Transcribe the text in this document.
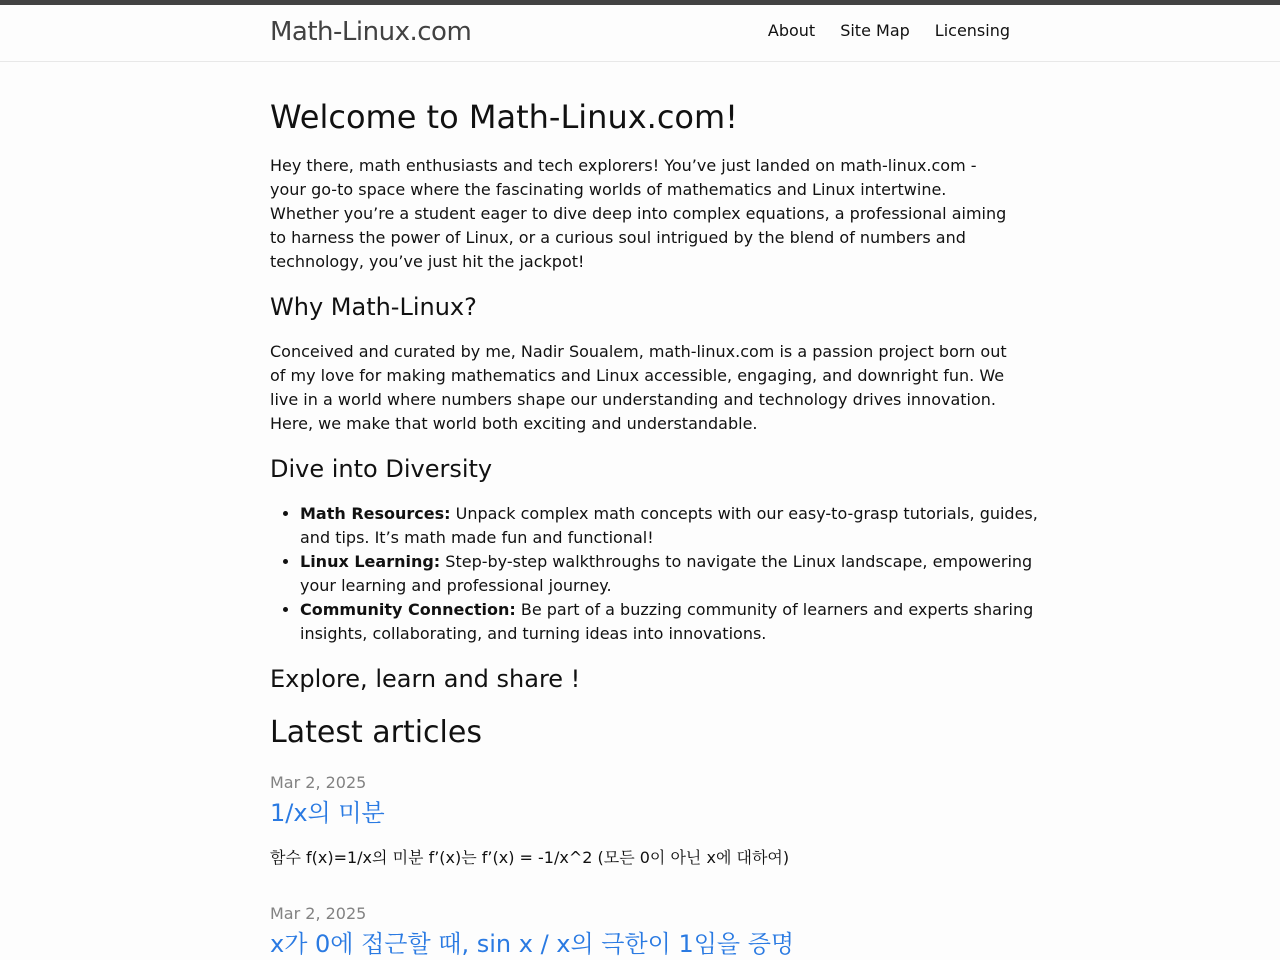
Math-Linux.com	About Site Map Licensing
Welcome to Math-Linux.com!

Hey there, math enthusiasts and tech explorers! You’ve just landed on math-linux.com - your go-to space where the fascinating worlds of mathematics and Linux intertwine. Whether you’re a student eager to dive deep into complex equations, a professional aiming to harness the power of Linux, or a curious soul intrigued by the blend of numbers and technology, you’ve just hit the jackpot!

Why Math-Linux?

Conceived and curated by me, Nadir Soualem, math-linux.com is a passion project born out of my love for making mathematics and Linux accessible, engaging, and downright fun. We live in a world where numbers shape our understanding and technology drives innovation. Here, we make that world both exciting and understandable.

Dive into Diversity
• Math Resources: Unpack complex math concepts with our easy-to-grasp tutorials, guides, and tips. It’s math made fun and functional!
• Linux Learning: Step-by-step walkthroughs to navigate the Linux landscape, empowering your learning and professional journey.
• Community Connection: Be part of a buzzing community of learners and experts sharing insights, collaborating, and turning ideas into innovations.
Explore, learn and share !
Latest articles
Mar 2, 2025
1/x의 미분

함수 f(x)=1/x의 미분 f’(x)는 f’(x) = -1/x^2 (모든 0이 아닌 x에 대하여)

Mar 2, 2025
x가 0에 접근할 때, sin x / x의 극한이 1임을 증명
